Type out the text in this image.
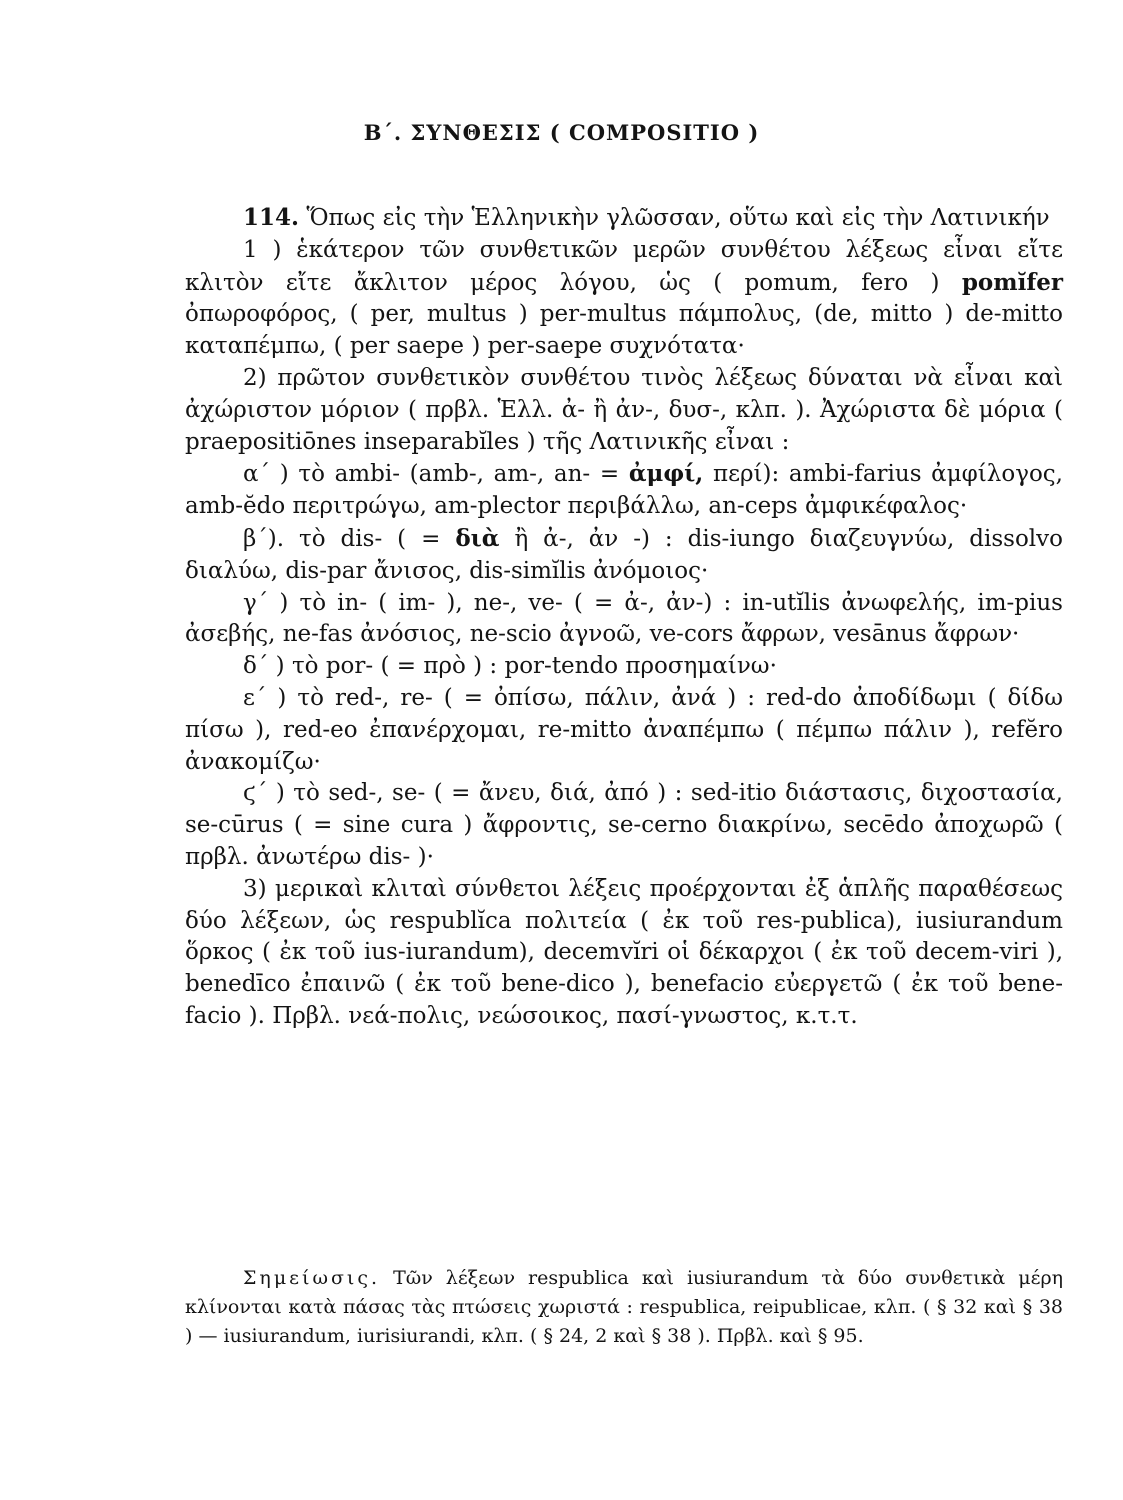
Β΄. ΣΥΝΘΕΣΙΣ ( COMPOSITIO )

114. Ὅπως εἰς τὴν Ἑλληνικὴν γλῶσσαν, οὕτω καὶ εἰς τὴν Λατινικήν

1 ) ἑκάτερον τῶν συνθετικῶν μερῶν συνθέτου λέξεως εἶναι εἴτε κλιτὸν εἴτε ἄκλιτον μέρος λόγου, ὡς ( pomum, fero ) pomĭfer ὀπωροφόρος, ( per, multus ) per-multus πάμπολυς, (de, mitto ) de-mitto καταπέμπω, ( per saepe ) per-saepe συχνότατα·

2) πρῶτον συνθετικὸν συνθέτου τινὸς λέξεως δύναται νὰ εἶναι καὶ ἀχώριστον μόριον ( πρβλ. Ἑλλ. ἀ- ἢ ἀν-, δυσ-, κλπ. ). Ἀχώριστα δὲ μόρια ( praepositiōnes inseparabĭles ) τῆς Λατινικῆς εἶναι :

α΄ ) τὸ ambi- (amb-, am-, an- = ἀμφί, περί): ambi-farius ἀμφίλογος, amb-ĕdo περιτρώγω, am-plector περιβάλλω, an-ceps ἀμφικέφαλος·

β΄). τὸ dis- ( = διὰ ἢ ἀ-, ἀν -) : dis-iungo διαζευγνύω, dissolvo διαλύω, dis-par ἄνισος, dis-simĭlis ἀνόμοιος·

γ΄ ) τὸ in- ( im- ), ne-, ve- ( = ἀ-, ἀν-) : in-utĭlis ἀνωφελής, im-pius ἀσεβής, ne-fas ἀνόσιος, ne-scio ἀγνοῶ, ve-cors ἄφρων, vesānus ἄφρων·

δ΄ ) τὸ por- ( = πρὸ ) : por-tendo προσημαίνω·

ε΄ ) τὸ red-, re- ( = ὀπίσω, πάλιν, ἀνά ) : red-do ἀποδίδωμι ( δίδω πίσω ), red-eo ἐπανέρχομαι, re-mitto ἀναπέμπω ( πέμπω πάλιν ), refĕro ἀνακομίζω·

ϛ΄ ) τὸ sed-, se- ( = ἄνευ, διά, ἀπό ) : sed-itio διάστασις, διχοστασία, se-cūrus ( = sine cura ) ἄφροντις, se-cerno διακρίνω, secēdo ἀποχωρῶ ( πρβλ. ἀνωτέρω dis- )·

3) μερικαὶ κλιταὶ σύνθετοι λέξεις προέρχονται ἐξ ἁπλῆς παραθέσεως δύο λέξεων, ὡς respublĭca πολιτεία ( ἐκ τοῦ res-publica), iusiurandum ὅρκος ( ἐκ τοῦ ius-iurandum), decemvĭri οἱ δέκαρχοι ( ἐκ τοῦ decem-viri ), benedīco ἐπαινῶ ( ἐκ τοῦ bene-dico ), benefacio εὐεργετῶ ( ἐκ τοῦ bene-facio ). Πρβλ. νεά-πολις, νεώσοικος, πασί-γνωστος, κ.τ.τ.

Σημείωσις. Τῶν λέξεων respublica καὶ iusiurandum τὰ δύο συνθετικὰ μέρη κλίνονται κατὰ πάσας τὰς πτώσεις χωριστά : respublica, reipublicae, κλπ. ( § 32 καὶ § 38 ) — iusiurandum, iurisiurandi, κλπ. ( § 24, 2 καὶ § 38 ). Πρβλ. καὶ § 95.
